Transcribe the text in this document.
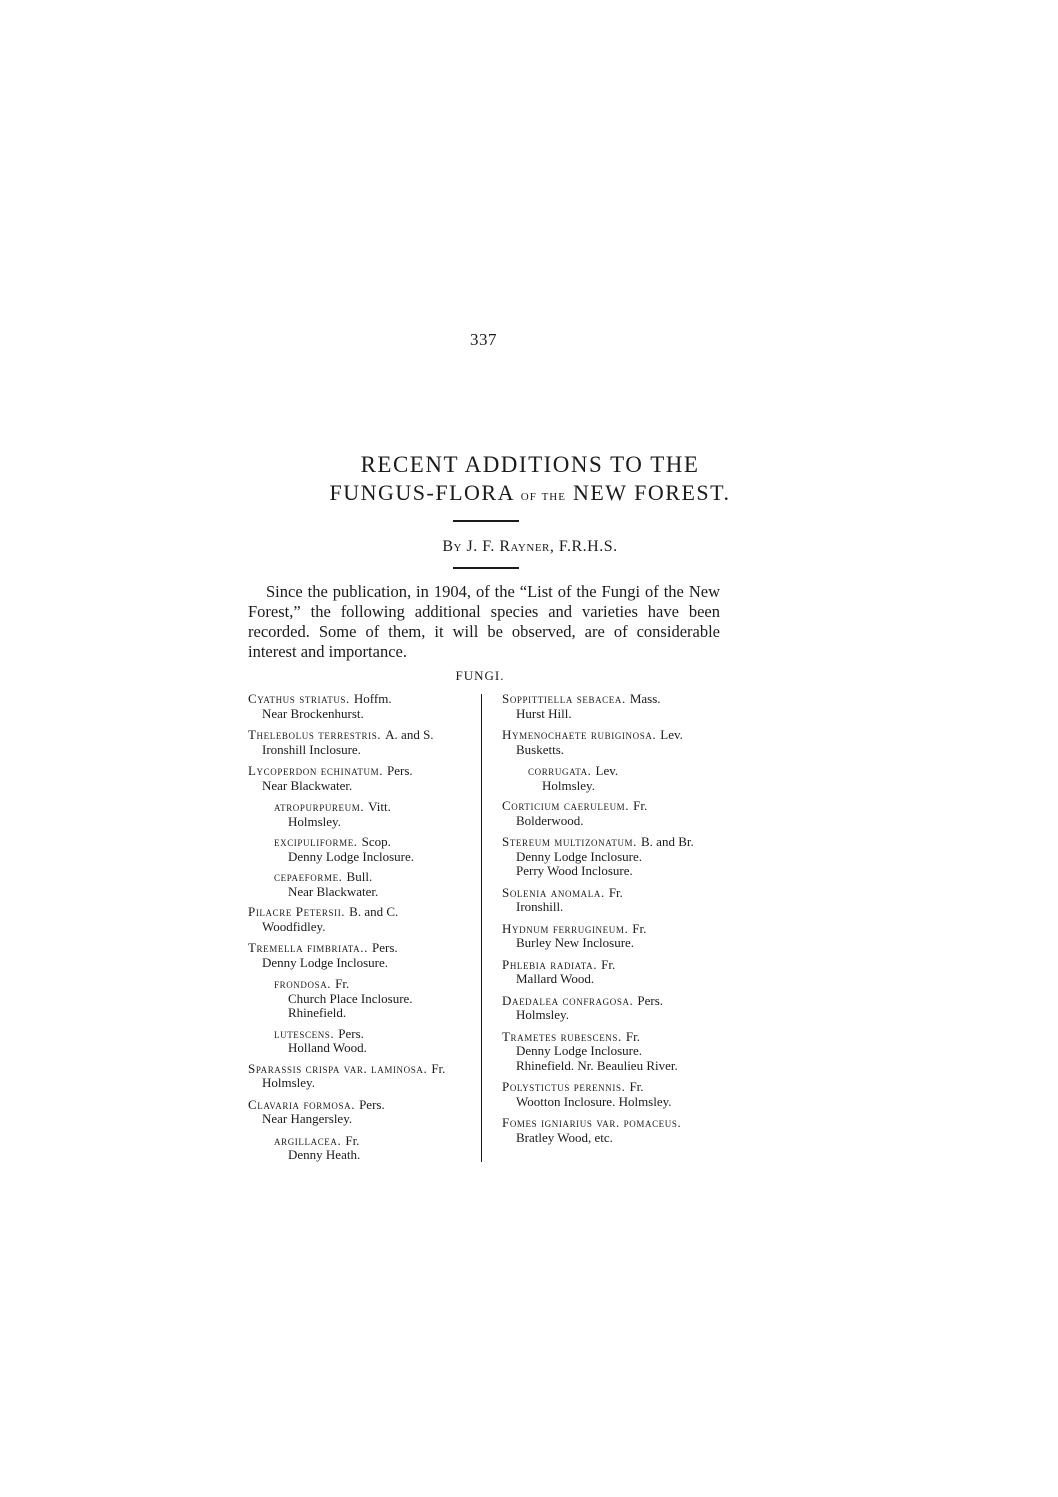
337
RECENT ADDITIONS TO THE
FUNGUS-FLORA of the NEW FOREST.
By J. F. Rayner, F.R.H.S.

Since the publication, in 1904, of the “List of the Fungi of the New Forest,” the following additional species and varieties have been recorded. Some of them, it will be observed, are of considerable interest and importance.

FUNGI.
Cyathus striatus. Hoffm.
Near Brockenhurst.
Thelebolus terrestris. A. and S.
Ironshill Inclosure.
Lycoperdon echinatum. Pers.
Near Blackwater.
atropurpureum. Vitt.
Holmsley.
excipuliforme. Scop.
Denny Lodge Inclosure.
cepaeforme. Bull.
Near Blackwater.
Pilacre Petersii. B. and C.
Woodfidley.
Tremella fimbriata.. Pers.
Denny Lodge Inclosure.
frondosa. Fr.
Church Place Inclosure.
Rhinefield.
lutescens. Pers.
Holland Wood.
Sparassis crispa var. laminosa. Fr.
Holmsley.
Clavaria formosa. Pers.
Near Hangersley.
argillacea. Fr.
Denny Heath.
Soppittiella sebacea. Mass.
Hurst Hill.
Hymenochaete rubiginosa. Lev.
Busketts.
corrugata. Lev.
Holmsley.
Corticium caeruleum. Fr.
Bolderwood.
Stereum multizonatum. B. and Br.
Denny Lodge Inclosure.
Perry Wood Inclosure.
Solenia anomala. Fr.
Ironshill.
Hydnum ferrugineum. Fr.
Burley New Inclosure.
Phlebia radiata. Fr.
Mallard Wood.
Daedalea confragosa. Pers.
Holmsley.
Trametes rubescens. Fr.
Denny Lodge Inclosure.
Rhinefield. Nr. Beaulieu River.
Polystictus perennis. Fr.
Wootton Inclosure. Holmsley.
Fomes igniarius var. pomaceus.
Bratley Wood, etc.
